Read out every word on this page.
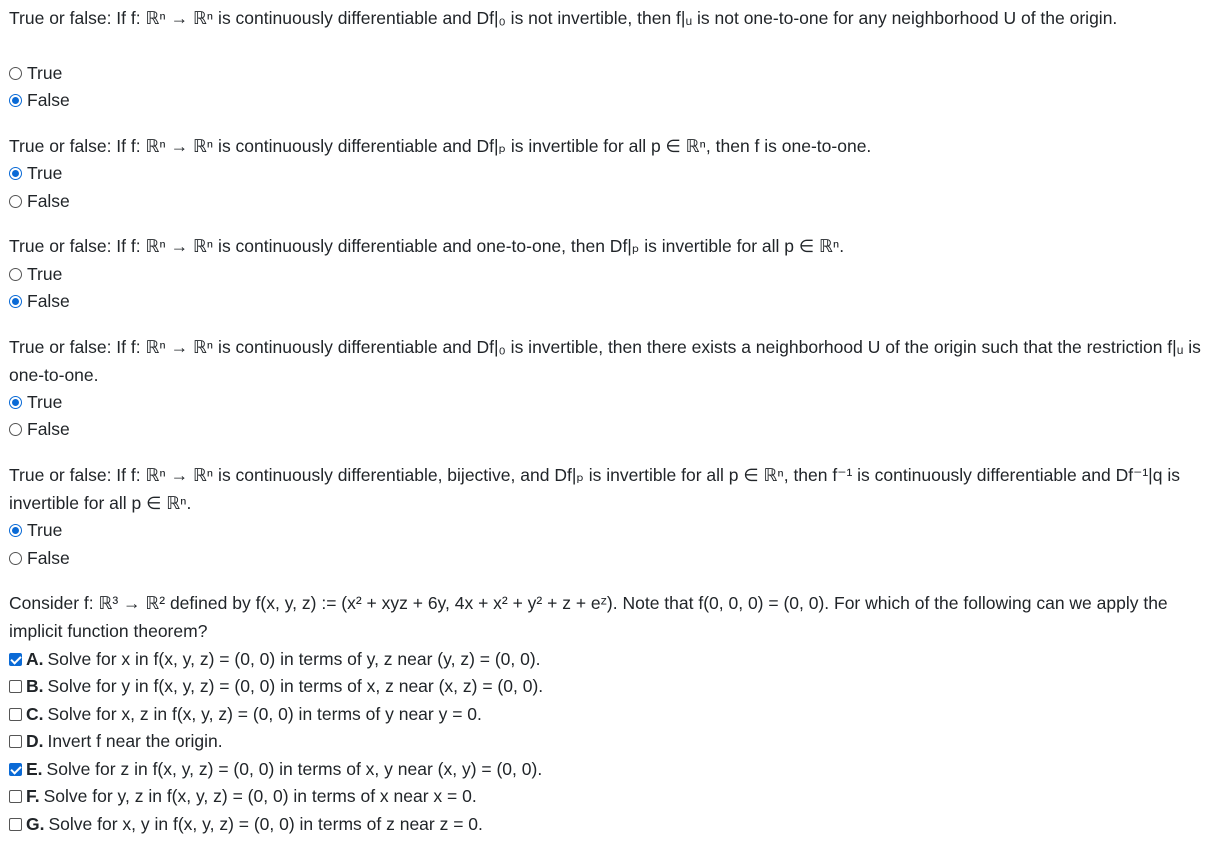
True or false: If f: ℝⁿ → ℝⁿ is continuously differentiable and Df|₀ is not invertible, then f|ᵤ is not one-to-one for any neighborhood U of the origin.
True
False
True or false: If f: ℝⁿ → ℝⁿ is continuously differentiable and Df|ₚ is invertible for all p ∈ ℝⁿ, then f is one-to-one.
True
False
True or false: If f: ℝⁿ → ℝⁿ is continuously differentiable and one-to-one, then Df|ₚ is invertible for all p ∈ ℝⁿ.
True
False
True or false: If f: ℝⁿ → ℝⁿ is continuously differentiable and Df|₀ is invertible, then there exists a neighborhood U of the origin such that the restriction f|ᵤ is one-to-one.
True
False
True or false: If f: ℝⁿ → ℝⁿ is continuously differentiable, bijective, and Df|ₚ is invertible for all p ∈ ℝⁿ, then f⁻¹ is continuously differentiable and Df⁻¹|q is invertible for all p ∈ ℝⁿ.
True
False
Consider f: ℝ³ → ℝ² defined by f(x, y, z) := (x² + xyz + 6y, 4x + x² + y² + z + eᶻ). Note that f(0, 0, 0) = (0, 0). For which of the following can we apply the implicit function theorem?
A. Solve for x in f(x, y, z) = (0, 0) in terms of y, z near (y, z) = (0, 0).
B. Solve for y in f(x, y, z) = (0, 0) in terms of x, z near (x, z) = (0, 0).
C. Solve for x, z in f(x, y, z) = (0, 0) in terms of y near y = 0.
D. Invert f near the origin.
E. Solve for z in f(x, y, z) = (0, 0) in terms of x, y near (x, y) = (0, 0).
F. Solve for y, z in f(x, y, z) = (0, 0) in terms of x near x = 0.
G. Solve for x, y in f(x, y, z) = (0, 0) in terms of z near z = 0.
